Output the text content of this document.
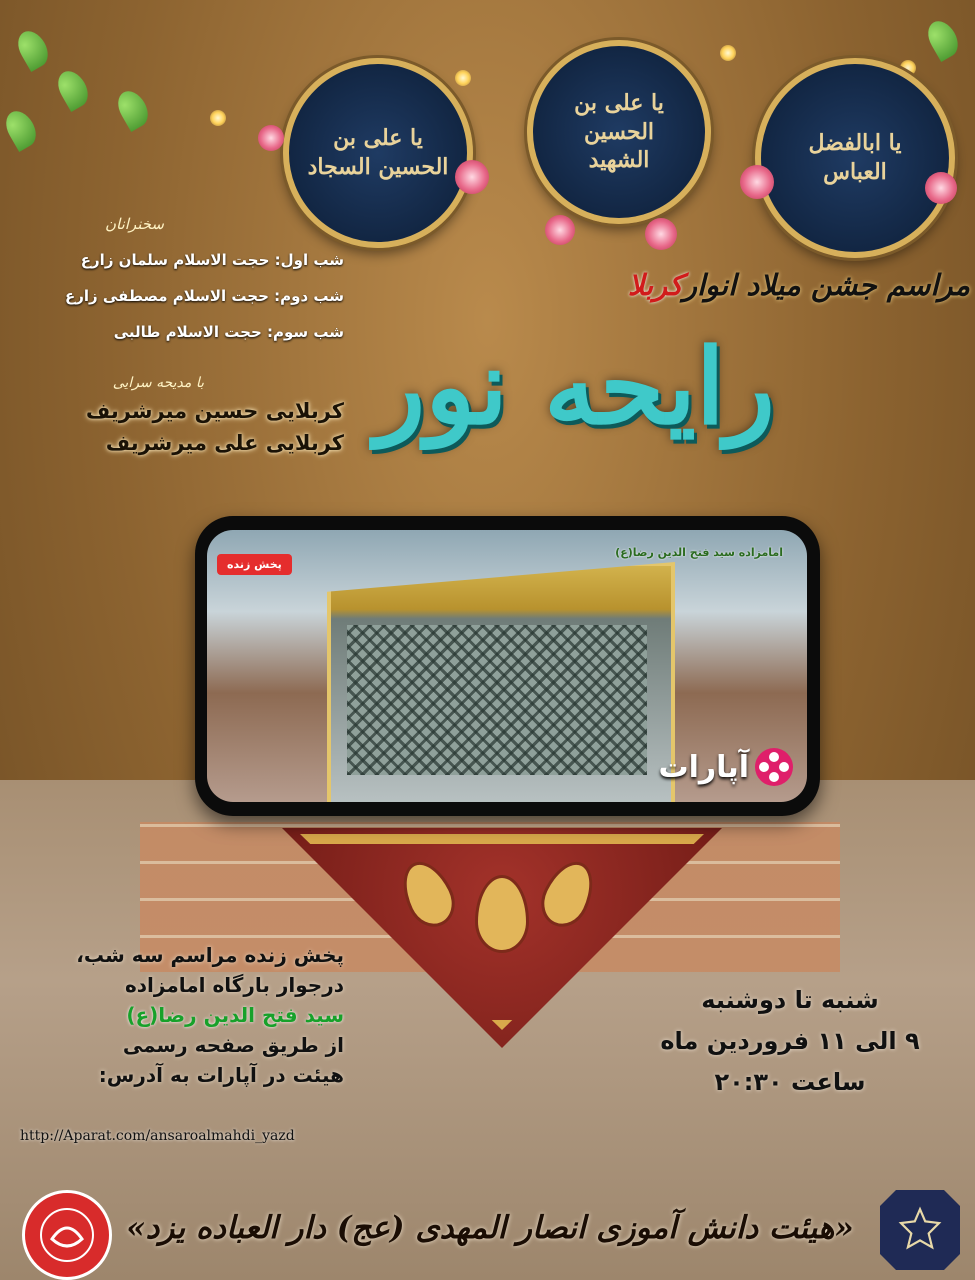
یا علی بن الحسین السجاد
یا علی بن الحسین الشهید
یا ابالفضل العباس
سخنرانان
شب اول: حجت الاسلام سلمان زارع
شب دوم: حجت الاسلام مصطفی زارع
شب سوم: حجت الاسلام طالبی
با مدیحه سرایی
کربلایی حسین میرشریف
کربلایی علی میرشریف
مراسم جشن میلاد انوارکربلا
رایحه نور
پخش زنده
امامزاده سید فتح الدین رضا(ع)
آپارات
پخش زنده مراسم سه شب،
درجوار بارگاه امامزاده
سید فتح الدین رضا(ع)
از طریق صفحه رسمی
هیئت در آپارات به آدرس:
http://Aparat.com/ansaroalmahdi_yazd
شنبه تا دوشنبه
۹ الی ۱۱ فروردین ماه
ساعت ۲۰:۳۰
«هیئت دانش آموزی انصار المهدی (عج) دار العباده یزد»
